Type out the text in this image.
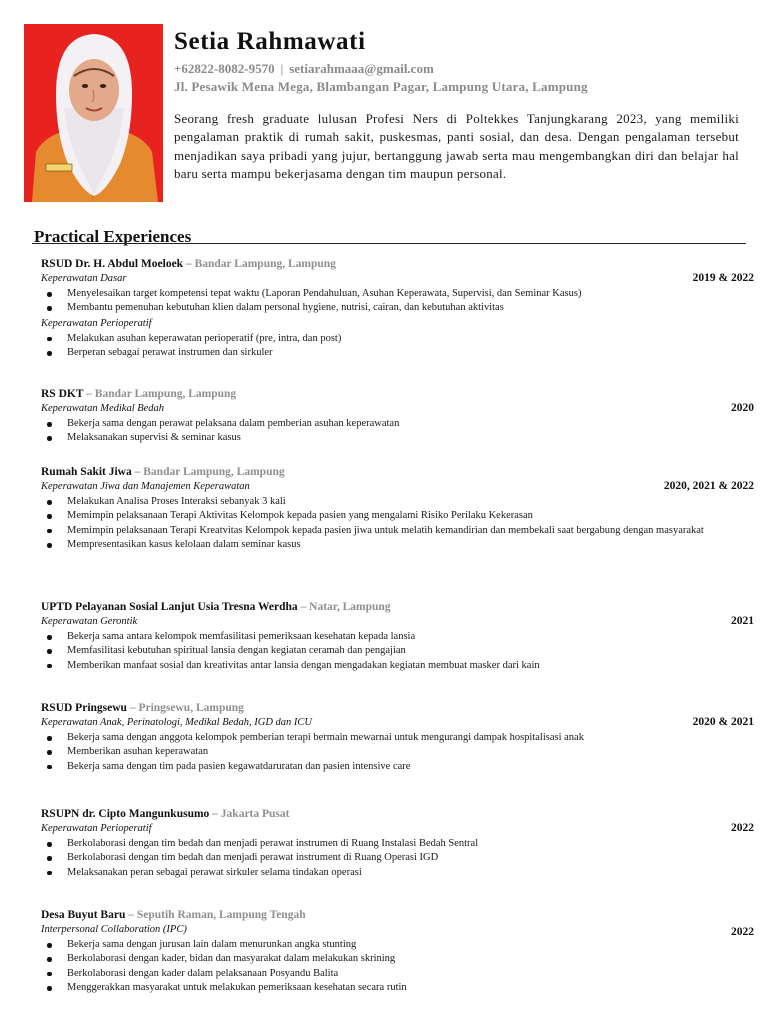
Setia Rahmawati
+62822-8082-9570 | setiarahmaaa@gmail.com
Jl. Pesawik Mena Mega, Blambangan Pagar, Lampung Utara, Lampung
Seorang fresh graduate lulusan Profesi Ners di Poltekkes Tanjungkarang 2023, yang memiliki pengalaman praktik di rumah sakit, puskesmas, panti sosial, dan desa. Dengan pengalaman tersebut menjadikan saya pribadi yang jujur, bertanggung jawab serta mau mengembangkan diri dan belajar hal baru serta mampu bekerjasama dengan tim maupun personal.
Practical Experiences
RSUD Dr. H. Abdul Moeloek – Bandar Lampung, Lampung
Keperawatan Dasar	2019 & 2022
Menyelesaikan target kompetensi tepat waktu (Laporan Pendahuluan, Asuhan Keperawata, Supervisi, dan Seminar Kasus)
Membantu pemenuhan kebutuhan klien dalam personal hygiene, nutrisi, cairan, dan kebutuhan aktivitas
Keperawatan Perioperatif
Melakukan asuhan keperawatan perioperatif (pre, intra, dan post)
Berperan sebagai perawat instrumen dan sirkuler
RS DKT – Bandar Lampung, Lampung
Keperawatan Medikal Bedah	2020
Bekerja sama dengan perawat pelaksana dalam pemberian asuhan keperawatan
Melaksanakan supervisi & seminar kasus
Rumah Sakit Jiwa – Bandar Lampung, Lampung
Keperawatan Jiwa dan Manajemen Keperawatan	2020, 2021 & 2022
Melakukan Analisa Proses Interaksi sebanyak 3 kali
Memimpin pelaksanaan Terapi Aktivitas Kelompok kepada pasien yang mengalami Risiko Perilaku Kekerasan
Memimpin pelaksanaan Terapi Kreatvitas Kelompok kepada pasien jiwa untuk melatih kemandirian dan membekali saat bergabung dengan masyarakat
Mempresentasikan kasus kelolaan dalam seminar kasus
UPTD Pelayanan Sosial Lanjut Usia Tresna Werdha – Natar, Lampung
Keperawatan Gerontik	2021
Bekerja sama antara kelompok memfasilitasi pemeriksaan kesehatan kepada lansia
Memfasilitasi kebutuhan spiritual lansia dengan kegiatan ceramah dan pengajian
Memberikan manfaat sosial dan kreativitas antar lansia dengan mengadakan kegiatan membuat masker dari kain
RSUD Pringsewu – Pringsewu, Lampung
Keperawatan Anak, Perinatologi, Medikal Bedah, IGD dan ICU	2020 & 2021
Bekerja sama dengan anggota kelompok pemberian terapi bermain mewarnai untuk mengurangi dampak hospitalisasi anak
Memberikan asuhan keperawatan
Bekerja sama dengan tim pada pasien kegawatdaruratan dan pasien intensive care
RSUPN dr. Cipto Mangunkusumo – Jakarta Pusat
Keperawatan Perioperatif	2022
Berkolaborasi dengan tim bedah dan menjadi perawat instrumen di Ruang Instalasi Bedah Sentral
Berkolaborasi dengan tim bedah dan menjadi perawat instrument di Ruang Operasi IGD
Melaksanakan peran sebagai perawat sirkuler selama tindakan operasi
Desa Buyut Baru – Seputih Raman, Lampung Tengah
Interpersonal Collaboration (IPC)	2022
Bekerja sama dengan jurusan lain dalam menurunkan angka stunting
Berkolaborasi dengan kader, bidan dan masyarakat dalam melakukan skrining
Berkolaborasi dengan kader dalam pelaksanaan Posyandu Balita
Menggerakkan masyarakat untuk melakukan pemeriksaan kesehatan secara rutin
